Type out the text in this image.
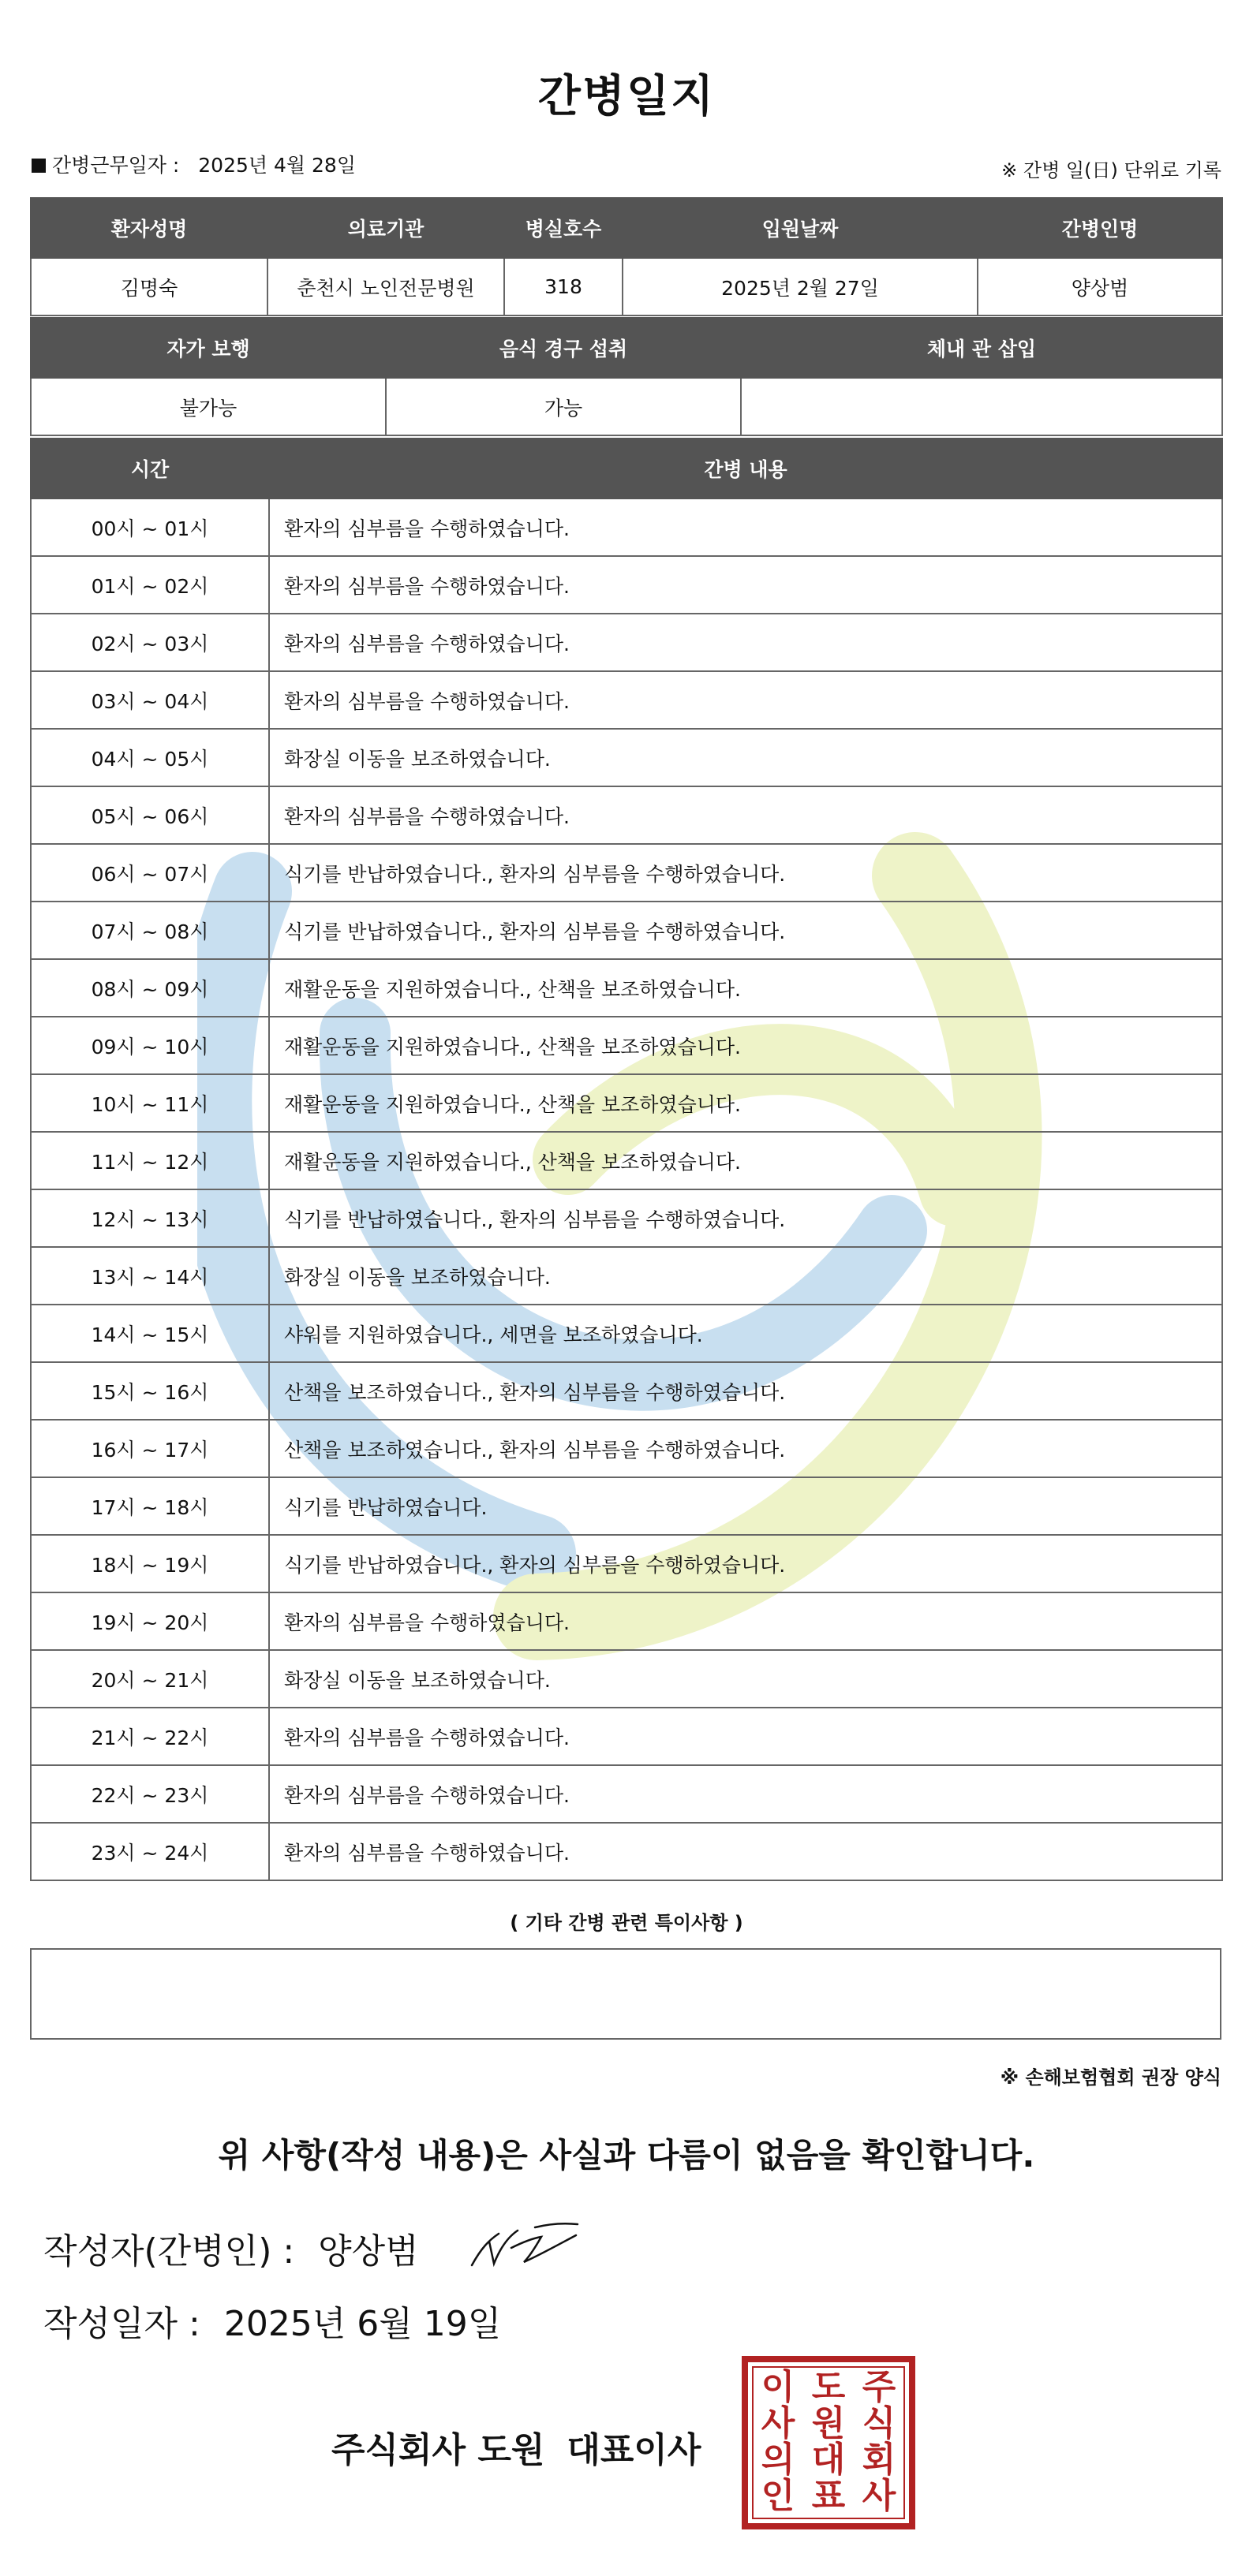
간병일지
간병근무일자 : 2025년 4월 28일	※ 간병 일(日) 단위로 기록
환자성명	의료기관	병실호수	입원날짜	간병인명
김명숙	춘천시 노인전문병원	318	2025년 2월 27일	양상범
자가 보행	음식 경구 섭취	체내 관 삽입
불가능	가능	
시간	간병 내용
00시 ~ 01시	환자의 심부름을 수행하였습니다.
01시 ~ 02시	환자의 심부름을 수행하였습니다.
02시 ~ 03시	환자의 심부름을 수행하였습니다.
03시 ~ 04시	환자의 심부름을 수행하였습니다.
04시 ~ 05시	화장실 이동을 보조하였습니다.
05시 ~ 06시	환자의 심부름을 수행하였습니다.
06시 ~ 07시	식기를 반납하였습니다., 환자의 심부름을 수행하였습니다.
07시 ~ 08시	식기를 반납하였습니다., 환자의 심부름을 수행하였습니다.
08시 ~ 09시	재활운동을 지원하였습니다., 산책을 보조하였습니다.
09시 ~ 10시	재활운동을 지원하였습니다., 산책을 보조하였습니다.
10시 ~ 11시	재활운동을 지원하였습니다., 산책을 보조하였습니다.
11시 ~ 12시	재활운동을 지원하였습니다., 산책을 보조하였습니다.
12시 ~ 13시	식기를 반납하였습니다., 환자의 심부름을 수행하였습니다.
13시 ~ 14시	화장실 이동을 보조하였습니다.
14시 ~ 15시	샤워를 지원하였습니다., 세면을 보조하였습니다.
15시 ~ 16시	산책을 보조하였습니다., 환자의 심부름을 수행하였습니다.
16시 ~ 17시	산책을 보조하였습니다., 환자의 심부름을 수행하였습니다.
17시 ~ 18시	식기를 반납하였습니다.
18시 ~ 19시	식기를 반납하였습니다., 환자의 심부름을 수행하였습니다.
19시 ~ 20시	환자의 심부름을 수행하였습니다.
20시 ~ 21시	화장실 이동을 보조하였습니다.
21시 ~ 22시	환자의 심부름을 수행하였습니다.
22시 ~ 23시	환자의 심부름을 수행하였습니다.
23시 ~ 24시	환자의 심부름을 수행하였습니다.
( 기타 간병 관련 특이사항 )
※ 손해보험협회 권장 양식
위 사항(작성 내용)은 사실과 다름이 없음을 확인합니다.
작성자(간병인) : 양상범
작성일자 : 2025년 6월 19일
주식회사 도원 대표이사
주
식
회
사
도
원
대
표
이
사
의
인
